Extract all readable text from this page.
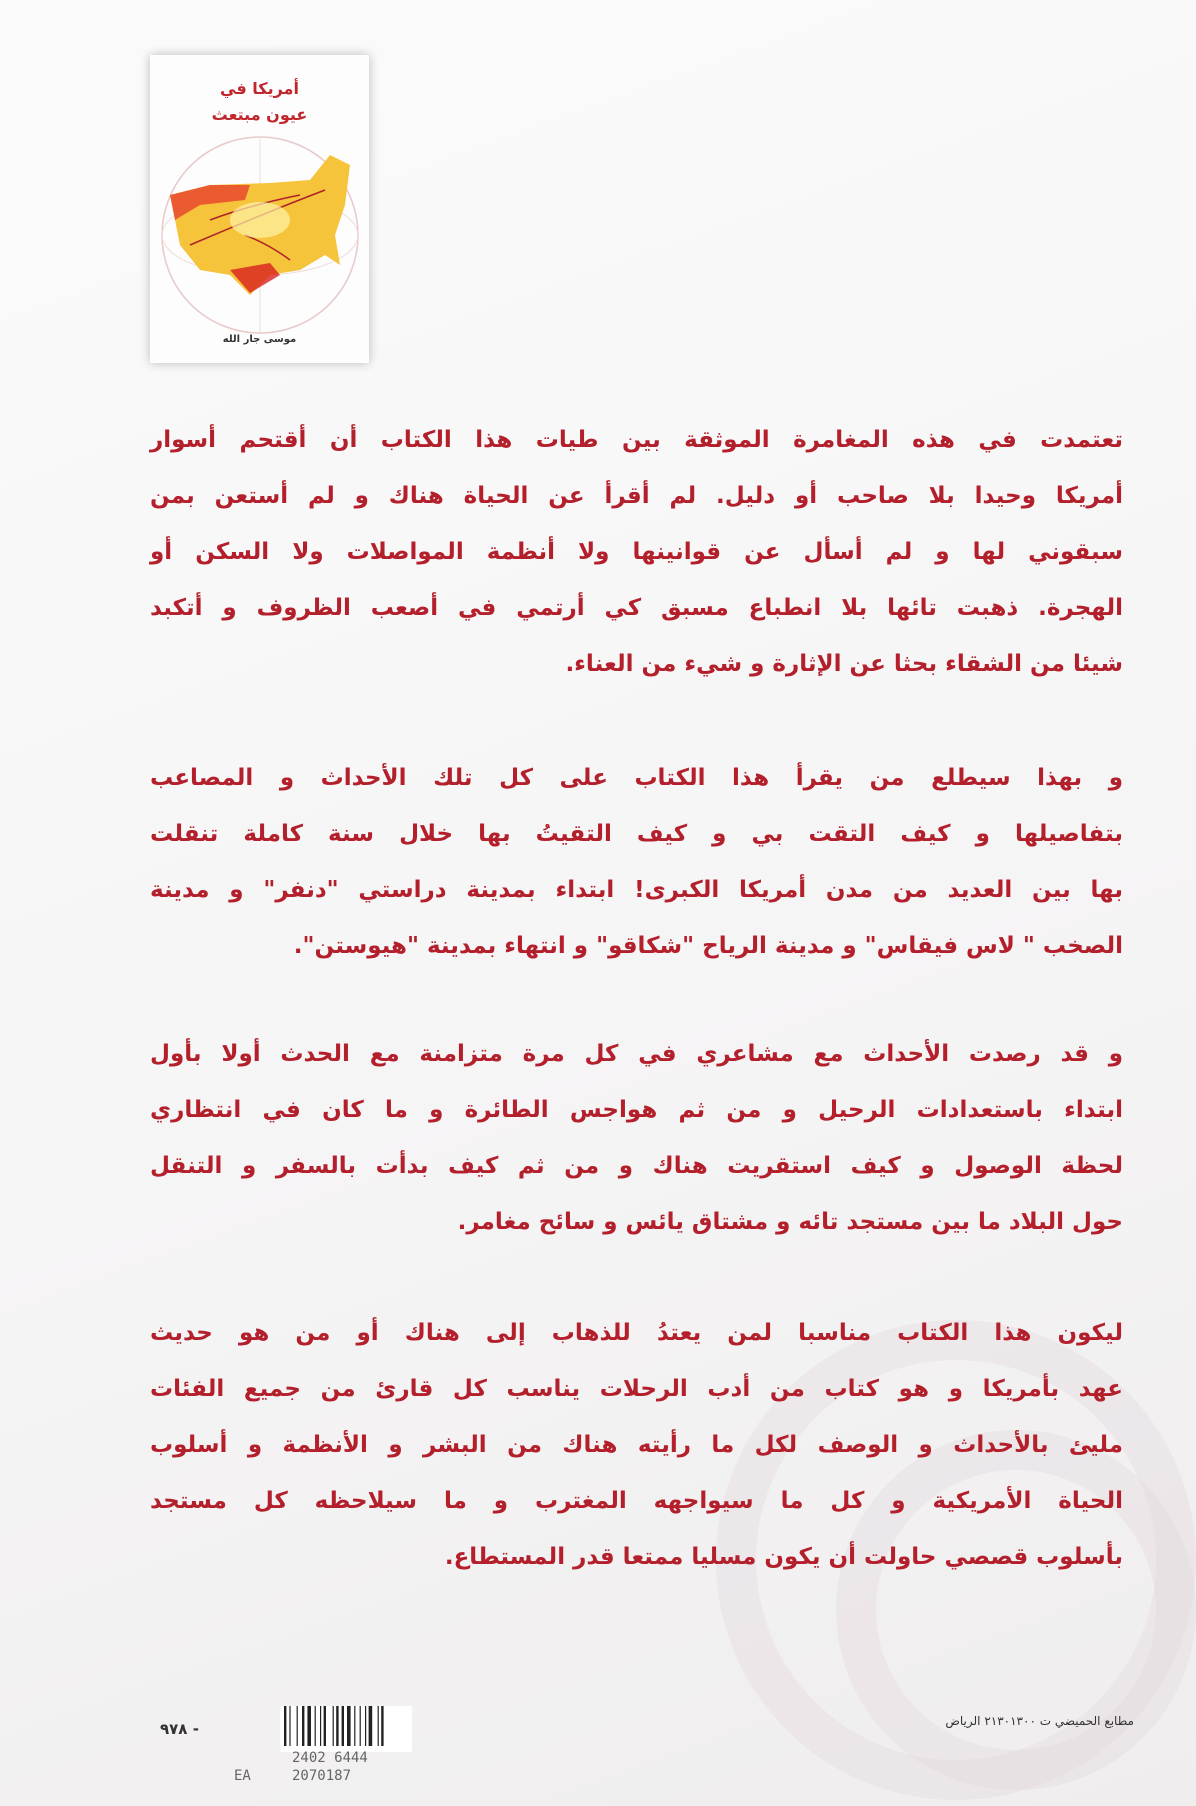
أمريكا في
عيون مبتعث
موسى جار الله
تعتمدت في هذه المغامرة الموثقة بين طيات هذا الكتاب أن أقتحم أسوار
أمريكا وحيدا بلا صاحب أو دليل. لم أقرأ عن الحياة هناك و لم أستعن بمن
سبقوني لها و لم أسأل عن قوانينها ولا أنظمة المواصلات ولا السكن أو
الهجرة. ذهبت تائها بلا انطباع مسبق كي أرتمي في أصعب الظروف و أتكبد
شيئا من الشقاء بحثا عن الإثارة و شيء من العناء.
و بهذا سيطلع من يقرأ هذا الكتاب على كل تلك الأحداث و المصاعب
بتفاصيلها و كيف التقت بي و كيف التقيتُ بها خلال سنة كاملة تنقلت
بها بين العديد من مدن أمريكا الكبرى! ابتداء بمدينة دراستي "دنفر" و مدينة
الصخب " لاس فيقاس" و مدينة الرياح "شكاقو" و انتهاء بمدينة "هيوستن".
و قد رصدت الأحداث مع مشاعري في كل مرة متزامنة مع الحدث أولا بأول
ابتداء باستعدادات الرحيل و من ثم هواجس الطائرة و ما كان في انتظاري
لحظة الوصول و كيف استقريت هناك و من ثم كيف بدأت بالسفر و التنقل
حول البلاد ما بين مستجد تائه و مشتاق يائس و سائح مغامر.
ليكون هذا الكتاب مناسبا لمن يعتدُ للذهاب إلى هناك أو من هو حديث
عهد بأمريكا و هو كتاب من أدب الرحلات يناسب كل قارئ من جميع الفئات
مليئ بالأحداث و الوصف لكل ما رأيته هناك من البشر و الأنظمة و أسلوب
الحياة الأمريكية و كل ما سيواجهه المغترب و ما سيلاحظه كل مستجد
بأسلوب قصصي حاولت أن يكون مسليا ممتعا قدر المستطاع.
٩٧٨ -
2402 6444
2070187
EA
مطابع الحميضي ت ٢١٣٠١٣٠٠ الرياض
